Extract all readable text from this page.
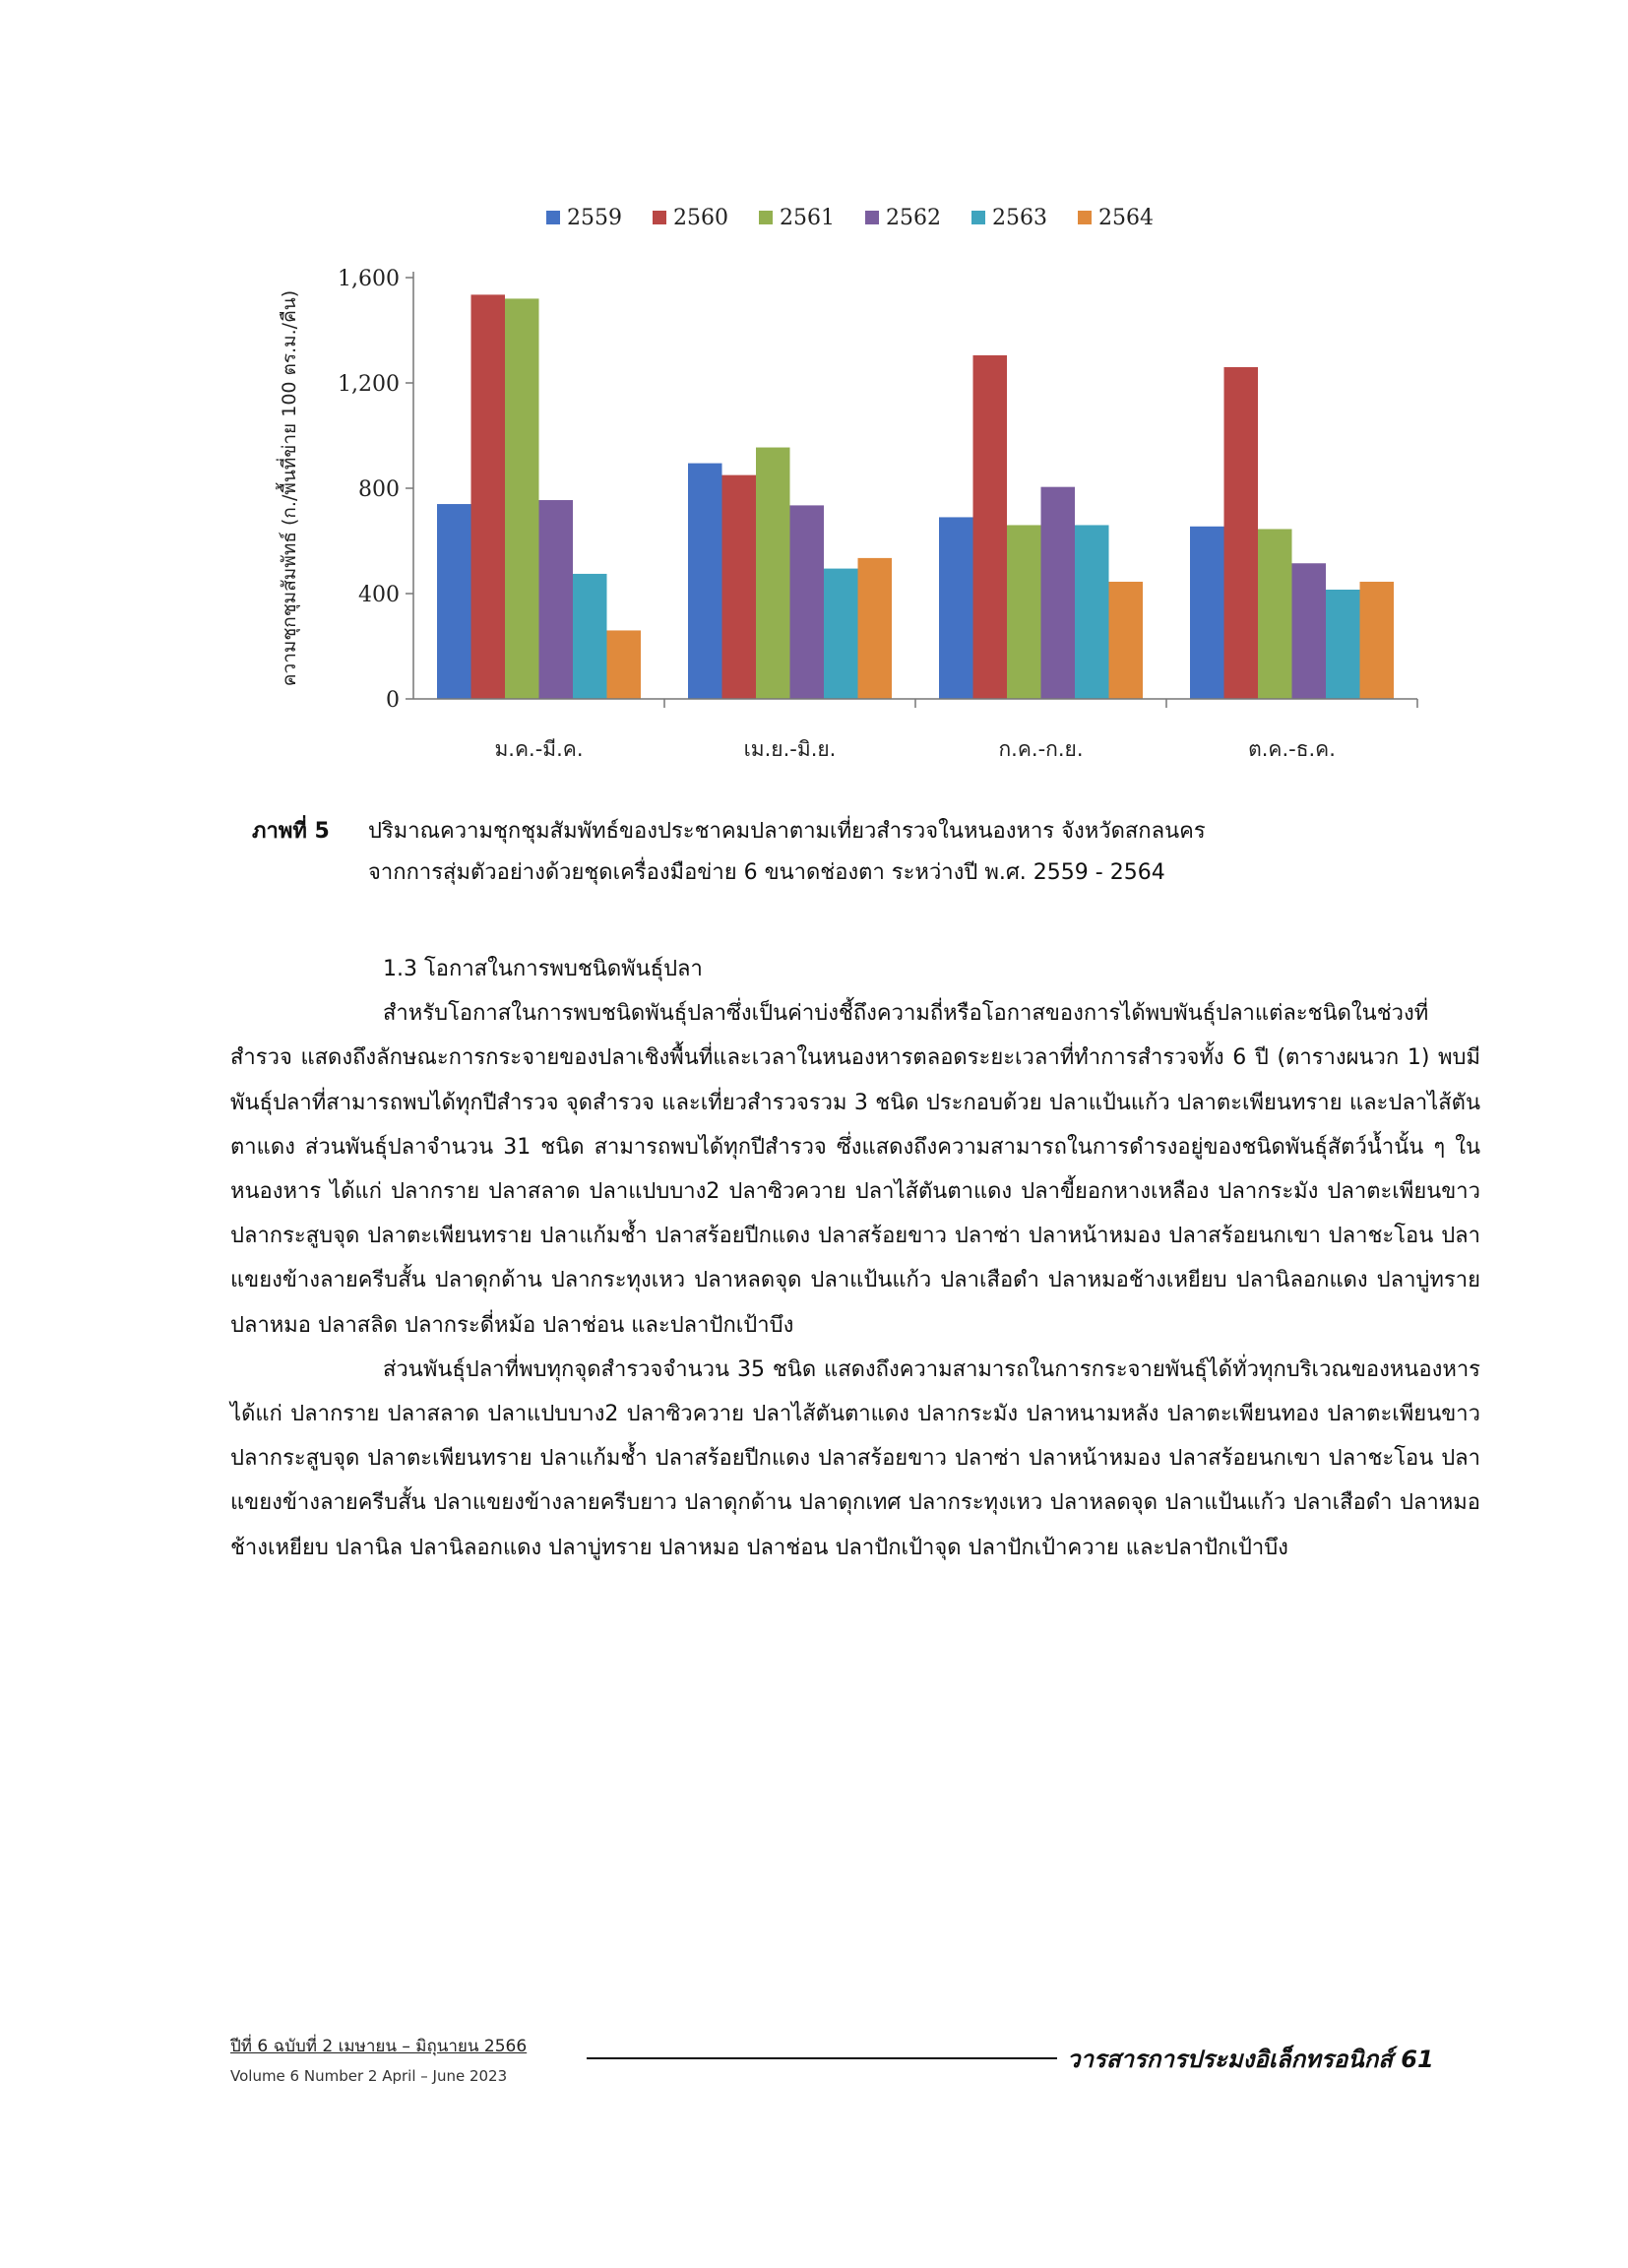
2559 2560 2561 2562 2563 2564
ความชุกชุมสัมพัทธ์ (ก./พื้นที่ข่าย 100 ตร.ม./คืน)
0
400
800
1,200
1,600
ม.ค.-มี.ค.	เม.ย.-มิ.ย.	ก.ค.-ก.ย.	ต.ค.-ธ.ค.
ภาพที่ 5 ปริมาณความชุกชุมสัมพัทธ์ของประชาคมปลาตามเที่ยวสำรวจในหนองหาร จังหวัดสกลนคร
จากการสุ่มตัวอย่างด้วยชุดเครื่องมือข่าย 6 ขนาดช่องตา ระหว่างปี พ.ศ. 2559 - 2564

1.3 โอกาสในการพบชนิดพันธุ์ปลา

สำหรับโอกาสในการพบชนิดพันธุ์ปลาซึ่งเป็นค่าบ่งชี้ถึงความถี่หรือโอกาสของการได้พบพันธุ์ปลาแต่ละชนิดในช่วงที่สำรวจ แสดงถึงลักษณะการกระจายของปลาเชิงพื้นที่และเวลาในหนองหารตลอดระยะเวลาที่ทำการสำรวจทั้ง 6 ปี (ตารางผนวก 1) พบมีพันธุ์ปลาที่สามารถพบได้ทุกปีสำรวจ จุดสำรวจ และเที่ยวสำรวจรวม 3 ชนิด ประกอบด้วย ปลาแป้นแก้ว ปลาตะเพียนทราย และปลาไส้ตันตาแดง ส่วนพันธุ์ปลาจำนวน 31 ชนิด สามารถพบได้ทุกปีสำรวจ ซึ่งแสดงถึงความสามารถในการดำรงอยู่ของชนิดพันธุ์สัตว์น้ำนั้น ๆ ในหนองหาร ได้แก่ ปลากราย ปลาสลาด ปลาแปบบาง2 ปลาซิวควาย ปลาไส้ตันตาแดง ปลาขี้ยอกหางเหลือง ปลากระมัง ปลาตะเพียนขาว ปลากระสูบจุด ปลาตะเพียนทราย ปลาแก้มช้ำ ปลาสร้อยปีกแดง ปลาสร้อยขาว ปลาซ่า ปลาหน้าหมอง ปลาสร้อยนกเขา ปลาชะโอน ปลาแขยงข้างลายครีบสั้น ปลาดุกด้าน ปลากระทุงเหว ปลาหลดจุด ปลาแป้นแก้ว ปลาเสือดำ ปลาหมอช้างเหยียบ ปลานิลอกแดง ปลาบู่ทราย ปลาหมอ ปลาสลิด ปลากระดี่หม้อ ปลาช่อน และปลาปักเป้าบึง

ส่วนพันธุ์ปลาที่พบทุกจุดสำรวจจำนวน 35 ชนิด แสดงถึงความสามารถในการกระจายพันธุ์ได้ทั่วทุกบริเวณของหนองหาร ได้แก่ ปลากราย ปลาสลาด ปลาแปบบาง2 ปลาซิวควาย ปลาไส้ตันตาแดง ปลากระมัง ปลาหนามหลัง ปลาตะเพียนทอง ปลาตะเพียนขาว ปลากระสูบจุด ปลาตะเพียนทราย ปลาแก้มช้ำ ปลาสร้อยปีกแดง ปลาสร้อยขาว ปลาซ่า ปลาหน้าหมอง ปลาสร้อยนกเขา ปลาชะโอน ปลาแขยงข้างลายครีบสั้น ปลาแขยงข้างลายครีบยาว ปลาดุกด้าน ปลาดุกเทศ ปลากระทุงเหว ปลาหลดจุด ปลาแป้นแก้ว ปลาเสือดำ ปลาหมอช้างเหยียบ ปลานิล ปลานิลอกแดง ปลาบู่ทราย ปลาหมอ ปลาช่อน ปลาปักเป้าจุด ปลาปักเป้าควาย และปลาปักเป้าบึง

ปีที่ 6 ฉบับที่ 2 เมษายน – มิถุนายน 2566
Volume 6 Number 2 April – June 2023
วารสารการประมงอิเล็กทรอนิกส์ 61
